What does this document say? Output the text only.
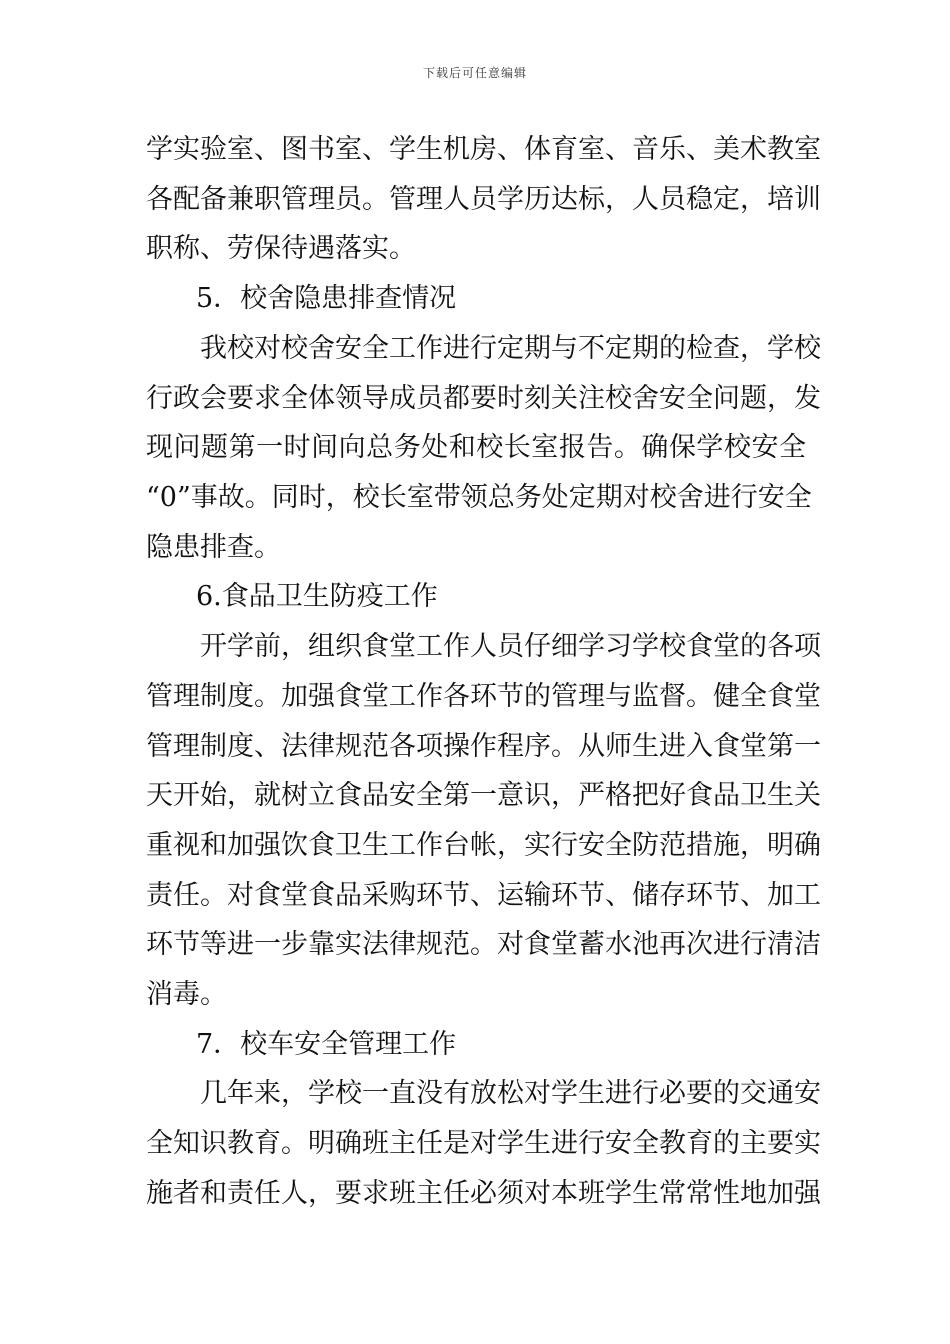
下载后可任意编辑
学实验室、图书室、学生机房、体育室、音乐、美术教室
各配备兼职管理员。管理人员学历达标，人员稳定，培训
职称、劳保待遇落实。
5．校舍隐患排查情况
我校对校舍安全工作进行定期与不定期的检查，学校
行政会要求全体领导成员都要时刻关注校舍安全问题，发
现问题第一时间向总务处和校长室报告。确保学校安全
“0”事故。同时，校长室带领总务处定期对校舍进行安全
隐患排查。
6.食品卫生防疫工作
开学前，组织食堂工作人员仔细学习学校食堂的各项
管理制度。加强食堂工作各环节的管理与监督。健全食堂
管理制度、法律规范各项操作程序。从师生进入食堂第一
天开始，就树立食品安全第一意识，严格把好食品卫生关
重视和加强饮食卫生工作台帐，实行安全防范措施，明确
责任。对食堂食品采购环节、运输环节、储存环节、加工
环节等进一步靠实法律规范。对食堂蓄水池再次进行清洁
消毒。
7．校车安全管理工作
几年来，学校一直没有放松对学生进行必要的交通安
全知识教育。明确班主任是对学生进行安全教育的主要实
施者和责任人，要求班主任必须对本班学生常常性地加强
